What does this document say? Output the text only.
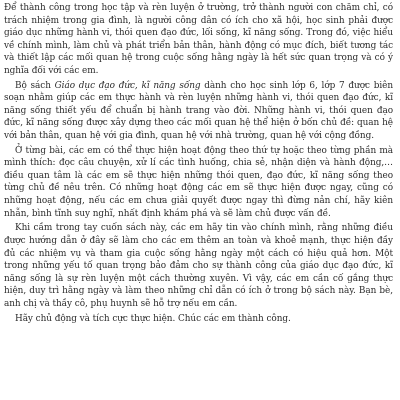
Để thành công trong học tập và rèn luyện ở trường, trở thành người con chăm chỉ, có trách nhiệm trong gia đình, là người công dân có ích cho xã hội, học sinh phải được giáo dục những hành vi, thói quen đạo đức, lối sống, kĩ năng sống. Trong đó, việc hiểu về chính mình, làm chủ và phát triển bản thân, hành động có mục đích, biết tương tác và thiết lập các mối quan hệ trong cuộc sống hằng ngày là hết sức quan trọng và có ý nghĩa đối với các em.

Bộ sách Giáo dục đạo đức, kĩ năng sống dành cho học sinh lớp 6, lớp 7 được biên soạn nhằm giúp các em thực hành và rèn luyện những hành vi, thói quen đạo đức, kĩ năng sống thiết yếu để chuẩn bị hành trang vào đời. Những hành vi, thói quen đạo đức, kĩ năng sống được xây dựng theo các mối quan hệ thể hiện ở bốn chủ đề: quan hệ với bản thân, quan hệ với gia đình, quan hệ với nhà trường, quan hệ với cộng đồng.

Ở từng bài, các em có thể thực hiện hoạt động theo thứ tự hoặc theo từng phần mà mình thích: đọc câu chuyện, xử lí các tình huống, chia sẻ, nhận diện và hành động,… điều quan tâm là các em sẽ thực hiện những thói quen, đạo đức, kĩ năng sống theo từng chủ đề nêu trên. Có những hoạt động các em sẽ thực hiện được ngay, cũng có những hoạt động, nếu các em chưa giải quyết được ngay thì đừng nản chí, hãy kiên nhẫn, bình tĩnh suy nghĩ, nhất định khám phá và sẽ làm chủ được vấn đề.

Khi cầm trong tay cuốn sách này, các em hãy tin vào chính mình, rằng những điều được hướng dẫn ở đây sẽ làm cho các em thêm an toàn và khoẻ mạnh, thực hiện đầy đủ các nhiệm vụ và tham gia cuộc sống hằng ngày một cách có hiệu quả hơn. Một trong những yếu tố quan trọng bảo đảm cho sự thành công của giáo dục đạo đức, kĩ năng sống là sự rèn luyện một cách thường xuyên. Vì vậy, các em cần cố gắng thực hiện, duy trì hằng ngày và làm theo những chỉ dẫn có ích ở trong bộ sách này. Bạn bè, anh chị và thầy cô, phụ huynh sẽ hỗ trợ nếu em cần.

Hãy chủ động và tích cực thực hiện. Chúc các em thành công.
